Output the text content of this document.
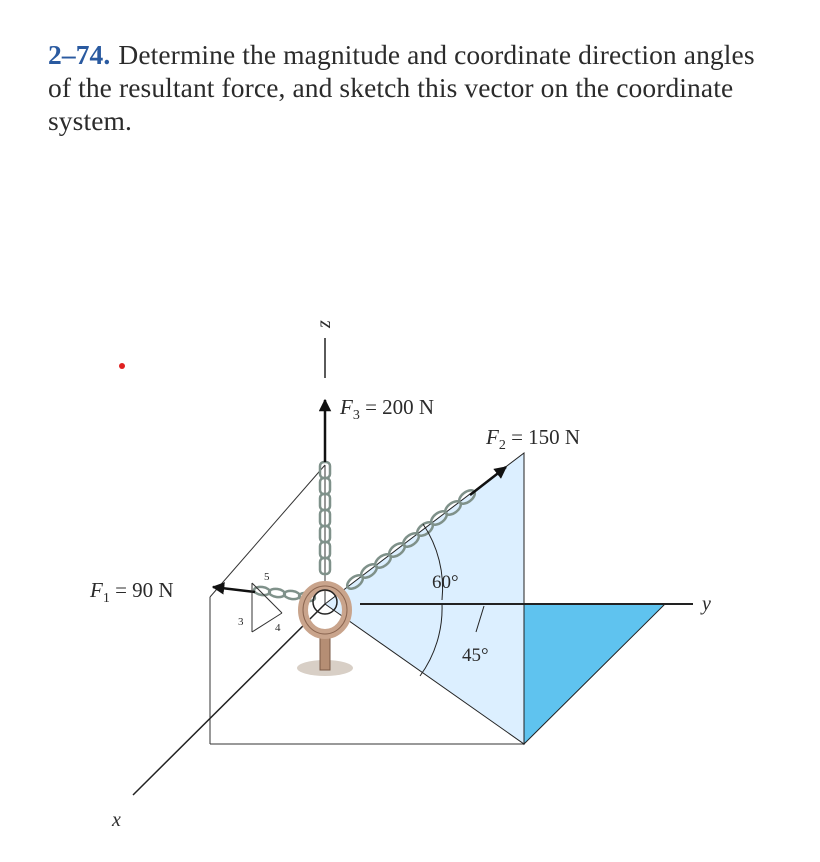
2–74. Determine the magnitude and coordinate direction angles of the resultant force, and sketch this vector on the coordinate system.
z
y
x
5
3	4
60°
45°
$F_3 = 200$ N
$F_2 = 150$ N
$F_1 = 90$ N
